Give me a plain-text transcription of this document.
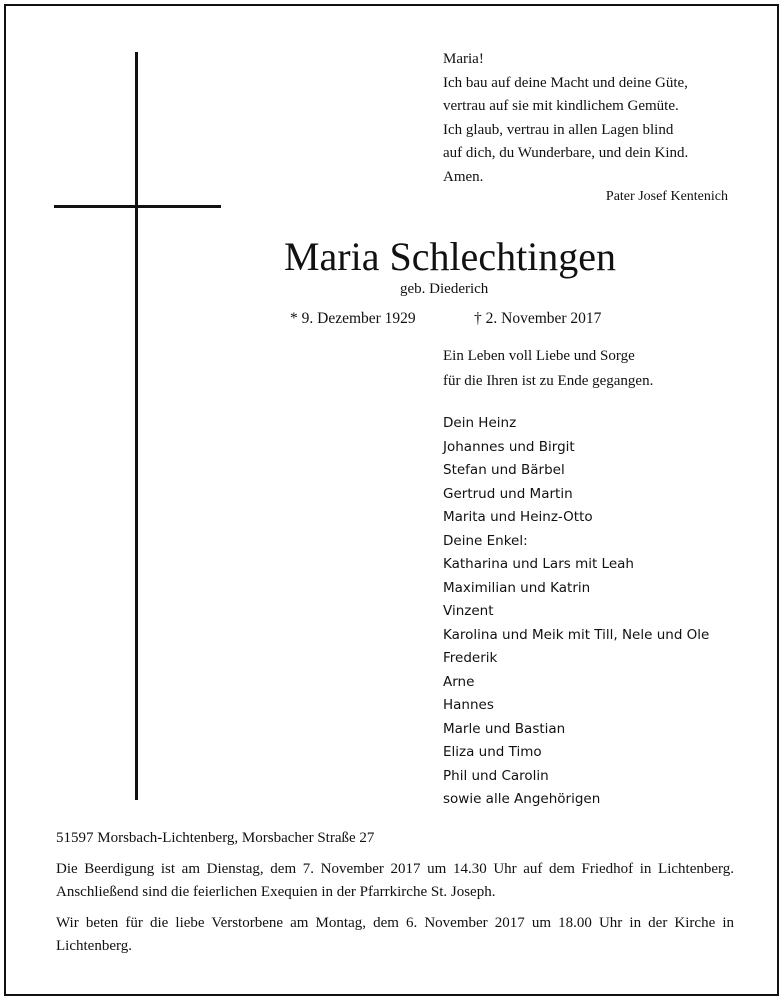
Maria!
Ich bau auf deine Macht und deine Güte,
vertrau auf sie mit kindlichem Gemüte.
Ich glaub, vertrau in allen Lagen blind
auf dich, du Wunderbare, und dein Kind.
Amen.
Pater Josef Kentenich
Maria Schlechtingen
geb. Diederich
* 9. Dezember 1929	† 2. November 2017
Ein Leben voll Liebe und Sorge
für die Ihren ist zu Ende gegangen.
Dein Heinz
Johannes und Birgit
Stefan und Bärbel
Gertrud und Martin
Marita und Heinz-Otto
Deine Enkel:
Katharina und Lars mit Leah
Maximilian und Katrin
Vinzent
Karolina und Meik mit Till, Nele und Ole
Frederik
Arne
Hannes
Marle und Bastian
Eliza und Timo
Phil und Carolin
sowie alle Angehörigen

51597 Morsbach-Lichtenberg, Morsbacher Straße 27

Die Beerdigung ist am Dienstag, dem 7. November 2017 um 14.30 Uhr auf dem Friedhof in Lichtenberg. Anschließend sind die feierlichen Exequien in der Pfarrkirche St. Joseph.

Wir beten für die liebe Verstorbene am Montag, dem 6. November 2017 um 18.00 Uhr in der Kirche in Lichtenberg.
